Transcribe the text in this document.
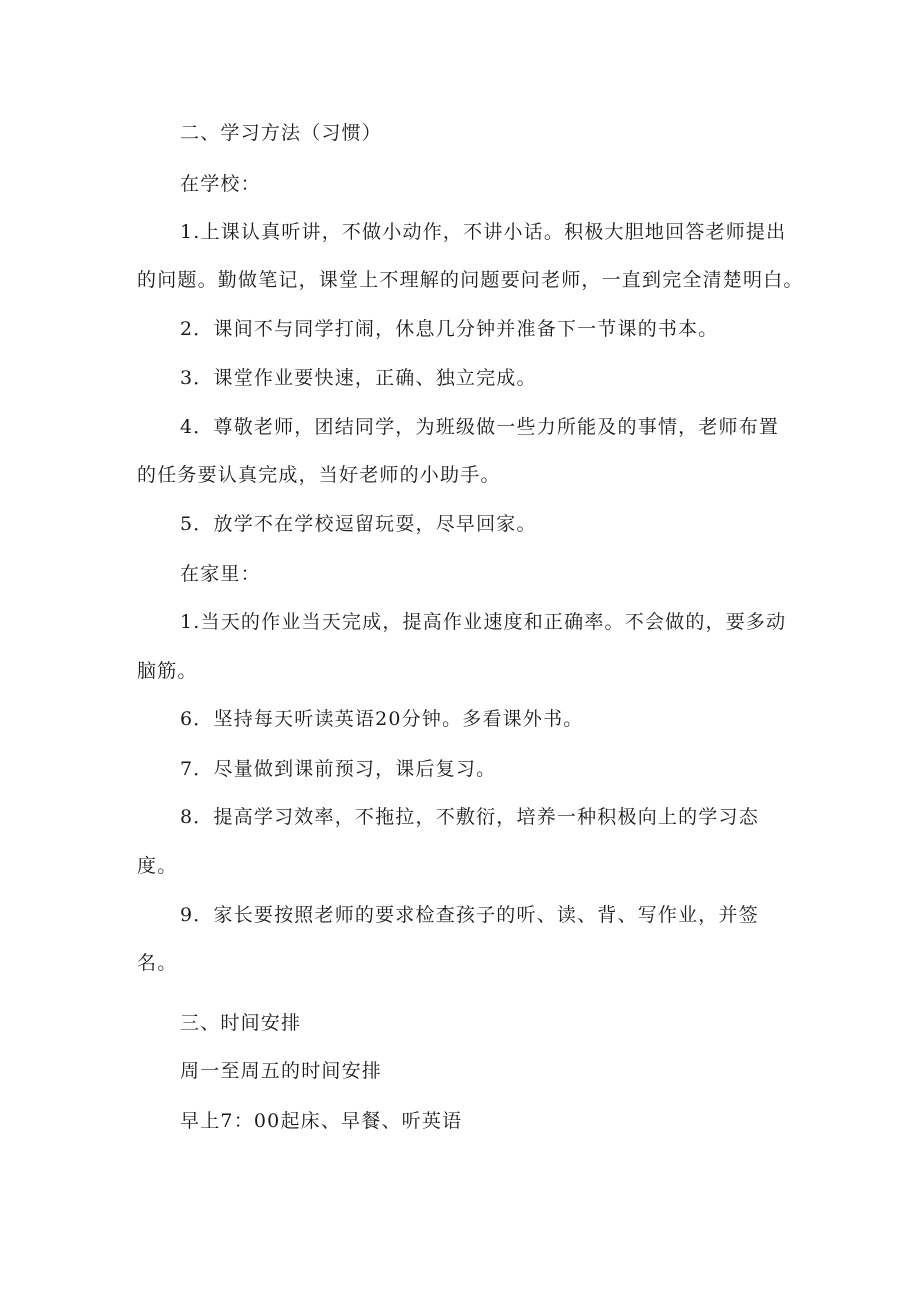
二、学习方法（习惯）
在学校：
1.上课认真听讲，不做小动作，不讲小话。积极大胆地回答老师提出
的问题。勤做笔记，课堂上不理解的问题要问老师，一直到完全清楚明白。
2．课间不与同学打闹，休息几分钟并准备下一节课的书本。
3．课堂作业要快速，正确、独立完成。
4．尊敬老师，团结同学，为班级做一些力所能及的事情，老师布置
的任务要认真完成，当好老师的小助手。
5．放学不在学校逗留玩耍，尽早回家。
在家里：
1.当天的作业当天完成，提高作业速度和正确率。不会做的，要多动
脑筋。
6．坚持每天听读英语20分钟。多看课外书。
7．尽量做到课前预习，课后复习。
8．提高学习效率，不拖拉，不敷衍，培养一种积极向上的学习态
度。
9．家长要按照老师的要求检查孩子的听、读、背、写作业，并签
名。
三、时间安排
周一至周五的时间安排
早上7：00起床、早餐、听英语
